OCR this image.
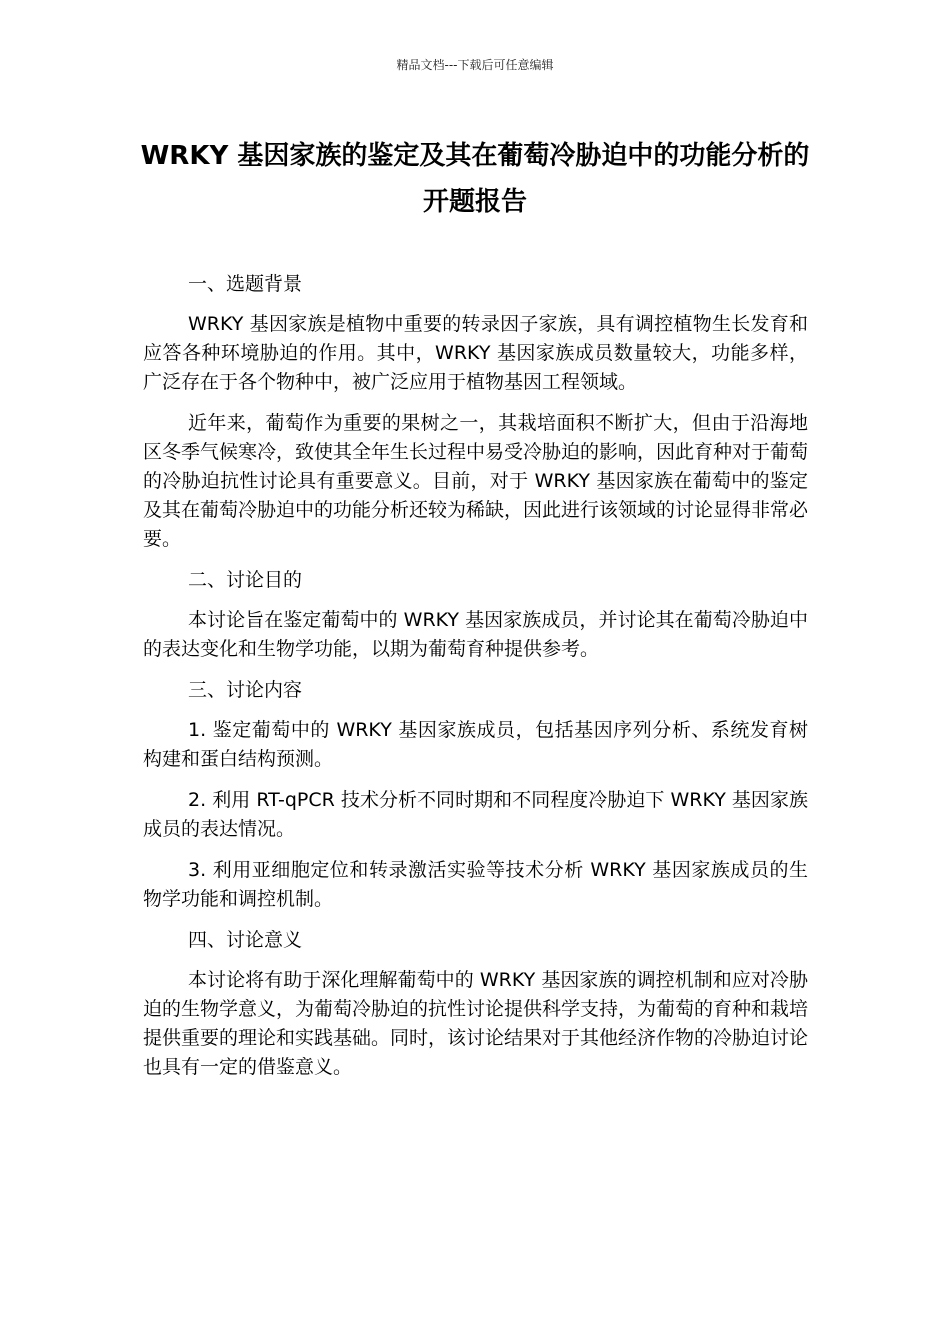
精品文档---下载后可任意编辑
WRKY 基因家族的鉴定及其在葡萄冷胁迫中的功能分析的开题报告

一、选题背景

WRKY 基因家族是植物中重要的转录因子家族，具有调控植物生长发育和应答各种环境胁迫的作用。其中，WRKY 基因家族成员数量较大，功能多样，广泛存在于各个物种中，被广泛应用于植物基因工程领域。

近年来，葡萄作为重要的果树之一，其栽培面积不断扩大，但由于沿海地区冬季气候寒冷，致使其全年生长过程中易受冷胁迫的影响，因此育种对于葡萄的冷胁迫抗性讨论具有重要意义。目前，对于 WRKY 基因家族在葡萄中的鉴定及其在葡萄冷胁迫中的功能分析还较为稀缺，因此进行该领域的讨论显得非常必要。

二、讨论目的

本讨论旨在鉴定葡萄中的 WRKY 基因家族成员，并讨论其在葡萄冷胁迫中的表达变化和生物学功能，以期为葡萄育种提供参考。

三、讨论内容

1. 鉴定葡萄中的 WRKY 基因家族成员，包括基因序列分析、系统发育树构建和蛋白结构预测。

2. 利用 RT-qPCR 技术分析不同时期和不同程度冷胁迫下 WRKY 基因家族成员的表达情况。

3. 利用亚细胞定位和转录激活实验等技术分析 WRKY 基因家族成员的生物学功能和调控机制。

四、讨论意义

本讨论将有助于深化理解葡萄中的 WRKY 基因家族的调控机制和应对冷胁迫的生物学意义，为葡萄冷胁迫的抗性讨论提供科学支持，为葡萄的育种和栽培提供重要的理论和实践基础。同时，该讨论结果对于其他经济作物的冷胁迫讨论也具有一定的借鉴意义。
